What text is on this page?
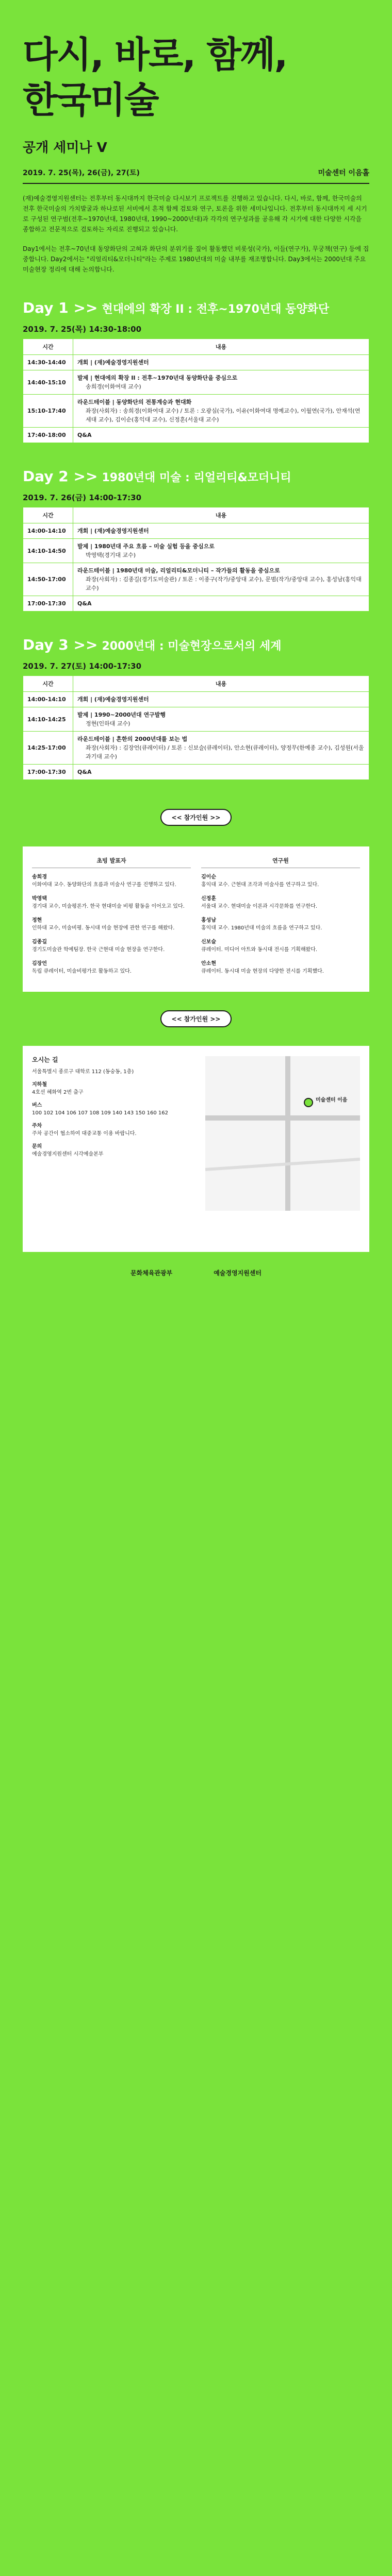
다시, 바로, 함께,
한국미술
공개 세미나 V
2019. 7. 25(목), 26(금), 27(토)	미술센터 이음홀

(재)예술경영지원센터는 전후부터 동시대까지 한국미술 다시보기 프로젝트를 진행하고 있습니다. 다시, 바로, 함께, 한국미술의 전후 한국미술의 가치발굴과 하나로된 서비에서 흔적 함께 검토와 연구, 토론을 위한 세미나입니다. 전후부터 동시대까지 세 시기로 구성된 연구범(전후~1970년대, 1980년대, 1990~2000년대)과 각각의 연구성과를 공유해 각 시기에 대한 다양한 시각을 종합하고 전문적으로 검토하는 자리로 진행되고 있습니다.

Day1에서는 전후~70년대 동양화단의 고혀과 화단의 분위기를 짚어 활동했던 비롯성(국가), 이들(연구가), 무궁책(연구) 등에 집중합니다. Day2에서는 "리얼리티&모더니티"라는 주제로 1980년대의 미술 내부를 재조명합니다. Day3에서는 2000년대 주요 미술현장 정리에 대해 논의합니다.

Day 1 >> 현대에의 확장 II : 전후~1970년대 동양화단
2019. 7. 25(목) 14:30-18:00
시간	내용
14:30-14:40	개회 | (재)예술경영지원센터

14:40-15:10	발제 | 현대에의 확장 II : 전후~1970년대 동양화단을 중심으로
송희경(이화여대 교수)

15:10-17:40	라운드테이블 | 동양화단의 전통계승과 현대화
좌장(사회자) : 송희경(이화여대 교수) / 토론 : 오광심(국가), 이유(이화여대 명예교수), 이월연(국가), 안재석(연세대 교수), 김이순(홍익대 교수), 신정훈(서울대 교수)

17:40-18:00	Q&A
Day 2 >> 1980년대 미술 : 리얼리티&모더니티
2019. 7. 26(금) 14:00-17:30
시간	내용
14:00-14:10	개회 | (재)예술경영지원센터

14:10-14:50	발제 | 1980년대 주요 흐름 – 미술 실험 등을 중심으로
박영택(경기대 교수)

14:50-17:00	라운드테이블 | 1980년대 미술, 리얼리티&모더니티 – 작가들의 활동을 중심으로
좌장(사회자) : 김종길(경기도미술관) / 토론 : 이종구(작가/중앙대 교수), 문범(작가/중앙대 교수), 홍성남(홍익대 교수)

17:00-17:30	Q&A
Day 3 >> 2000년대 : 미술현장으로서의 세계
2019. 7. 27(토) 14:00-17:30
시간	내용
14:00-14:10	개회 | (재)예술경영지원센터

14:10-14:25	발제 | 1990~2000년대 연구발행
정현(인하대 교수)

14:25-17:00	라운드테이블 | 흔한의 2000년대를 보는 법
좌장(사회자) : 김장언(큐레이터) / 토론 : 신보슬(큐레이터), 안소현(큐레이터), 양정무(한예종 교수), 김성원(서울과기대 교수)

17:00-17:30	Q&A
<< 참가인원 >>
초빙 발표자
송희경
이화여대 교수. 동양화단의 흐름과 미술사 연구를 진행하고 있다.
박영택
경기대 교수, 미술평론가. 한국 현대미술 비평 활동을 이어오고 있다.
정현
인하대 교수, 미술비평. 동시대 미술 현장에 관한 연구를 해왔다.
김종길
경기도미술관 학예팀장. 한국 근현대 미술 현장을 연구한다.
김장언
독립 큐레이터, 미술비평가로 활동하고 있다.
연구원
김이순
홍익대 교수. 근현대 조각과 미술사를 연구하고 있다.
신정훈
서울대 교수. 현대미술 이론과 시각문화를 연구한다.
홍성남
홍익대 교수. 1980년대 미술의 흐름을 연구하고 있다.
신보슬
큐레이터. 미디어 아트와 동시대 전시를 기획해왔다.
안소현
큐레이터. 동시대 미술 현장의 다양한 전시를 기획했다.
<< 참가인원 >>
오시는 길
서울특별시 종로구 대학로 112 (동숭동, 1층)
지하철
4호선 혜화역 2번 출구
버스
100 102 104 106 107 108 109 140 143 150 160 162
주차
주차 공간이 협소하여 대중교통 이용 바랍니다.
문의
예술경영지원센터 시각예술본부
미술센터 이음
문화체육관광부	예술경영지원센터
